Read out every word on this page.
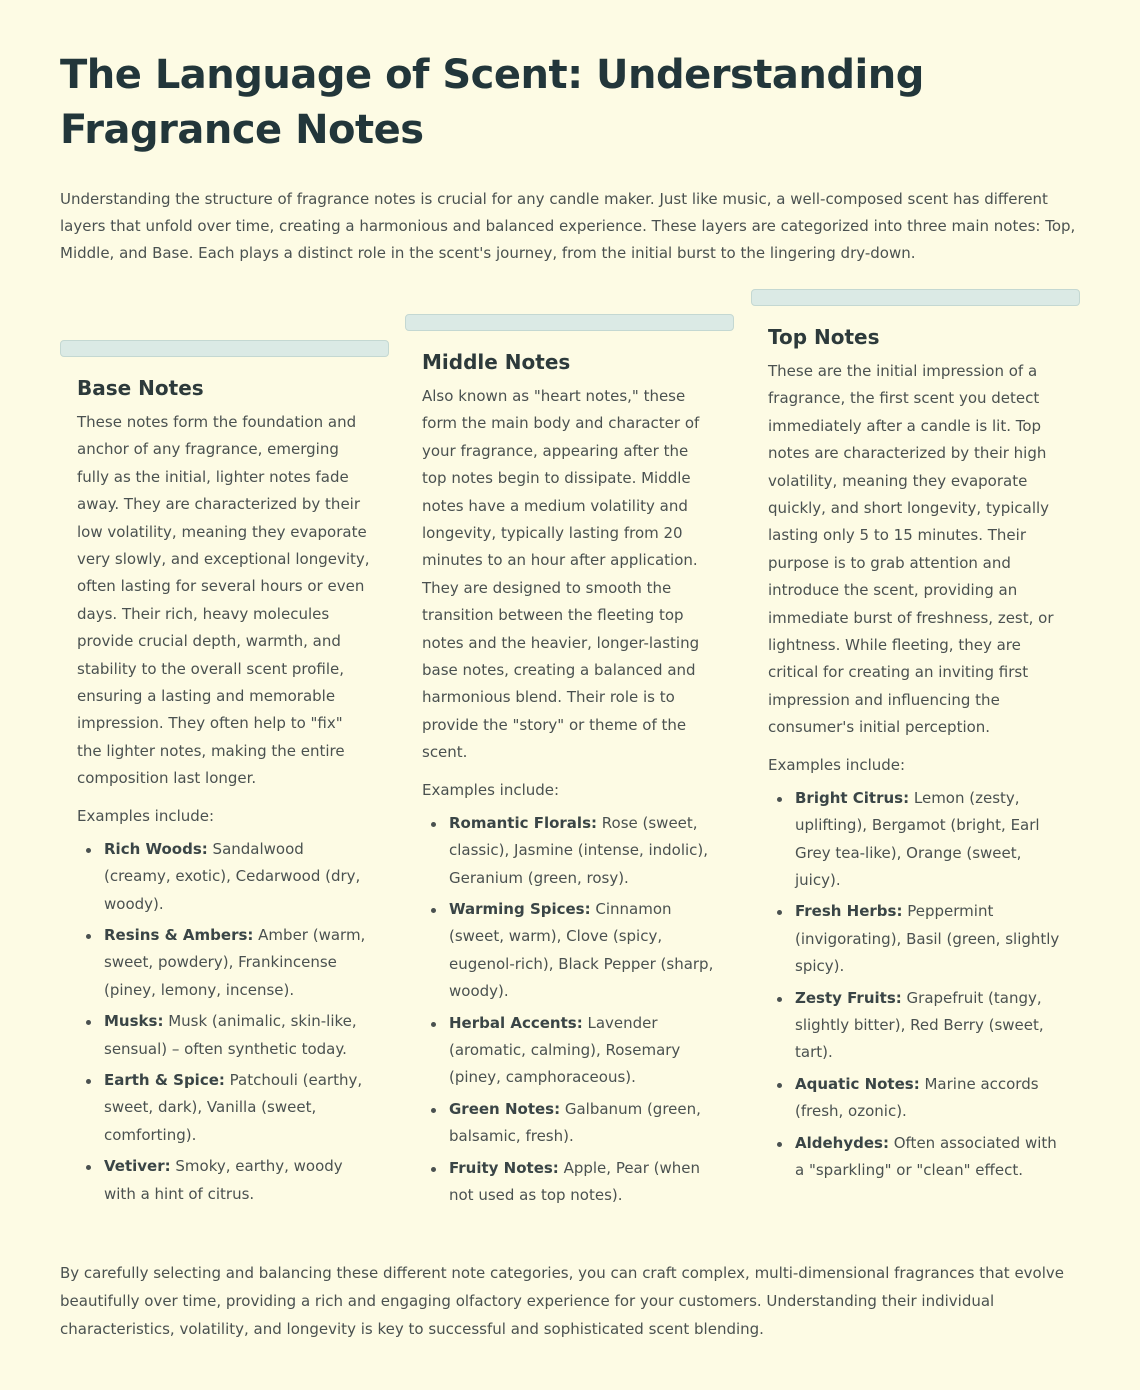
The Language of Scent: Understanding Fragrance Notes

Understanding the structure of fragrance notes is crucial for any candle maker. Just like music, a well-composed scent has different layers that unfold over time, creating a harmonious and balanced experience. These layers are categorized into three main notes: Top, Middle, and Base. Each plays a distinct role in the scent's journey, from the initial burst to the lingering dry-down.

Base Notes

These notes form the foundation and anchor of any fragrance, emerging fully as the initial, lighter notes fade away. They are characterized by their low volatility, meaning they evaporate very slowly, and exceptional longevity, often lasting for several hours or even days. Their rich, heavy molecules provide crucial depth, warmth, and stability to the overall scent profile, ensuring a lasting and memorable impression. They often help to "fix" the lighter notes, making the entire composition last longer.

Examples include:

Rich Woods: Sandalwood (creamy, exotic), Cedarwood (dry, woody).
Resins & Ambers: Amber (warm, sweet, powdery), Frankincense (piney, lemony, incense).
Musks: Musk (animalic, skin-like, sensual) – often synthetic today.
Earth & Spice: Patchouli (earthy, sweet, dark), Vanilla (sweet, comforting).
Vetiver: Smoky, earthy, woody with a hint of citrus.
Middle Notes

Also known as "heart notes," these form the main body and character of your fragrance, appearing after the top notes begin to dissipate. Middle notes have a medium volatility and longevity, typically lasting from 20 minutes to an hour after application. They are designed to smooth the transition between the fleeting top notes and the heavier, longer-lasting base notes, creating a balanced and harmonious blend. Their role is to provide the "story" or theme of the scent.

Examples include:

Romantic Florals: Rose (sweet, classic), Jasmine (intense, indolic), Geranium (green, rosy).
Warming Spices: Cinnamon (sweet, warm), Clove (spicy, eugenol-rich), Black Pepper (sharp, woody).
Herbal Accents: Lavender (aromatic, calming), Rosemary (piney, camphoraceous).
Green Notes: Galbanum (green, balsamic, fresh).
Fruity Notes: Apple, Pear (when not used as top notes).
Top Notes

These are the initial impression of a fragrance, the first scent you detect immediately after a candle is lit. Top notes are characterized by their high volatility, meaning they evaporate quickly, and short longevity, typically lasting only 5 to 15 minutes. Their purpose is to grab attention and introduce the scent, providing an immediate burst of freshness, zest, or lightness. While fleeting, they are critical for creating an inviting first impression and influencing the consumer's initial perception.

Examples include:

Bright Citrus: Lemon (zesty, uplifting), Bergamot (bright, Earl Grey tea-like), Orange (sweet, juicy).
Fresh Herbs: Peppermint (invigorating), Basil (green, slightly spicy).
Zesty Fruits: Grapefruit (tangy, slightly bitter), Red Berry (sweet, tart).
Aquatic Notes: Marine accords (fresh, ozonic).
Aldehydes: Often associated with a "sparkling" or "clean" effect.

By carefully selecting and balancing these different note categories, you can craft complex, multi-dimensional fragrances that evolve beautifully over time, providing a rich and engaging olfactory experience for your customers. Understanding their individual characteristics, volatility, and longevity is key to successful and sophisticated scent blending.
